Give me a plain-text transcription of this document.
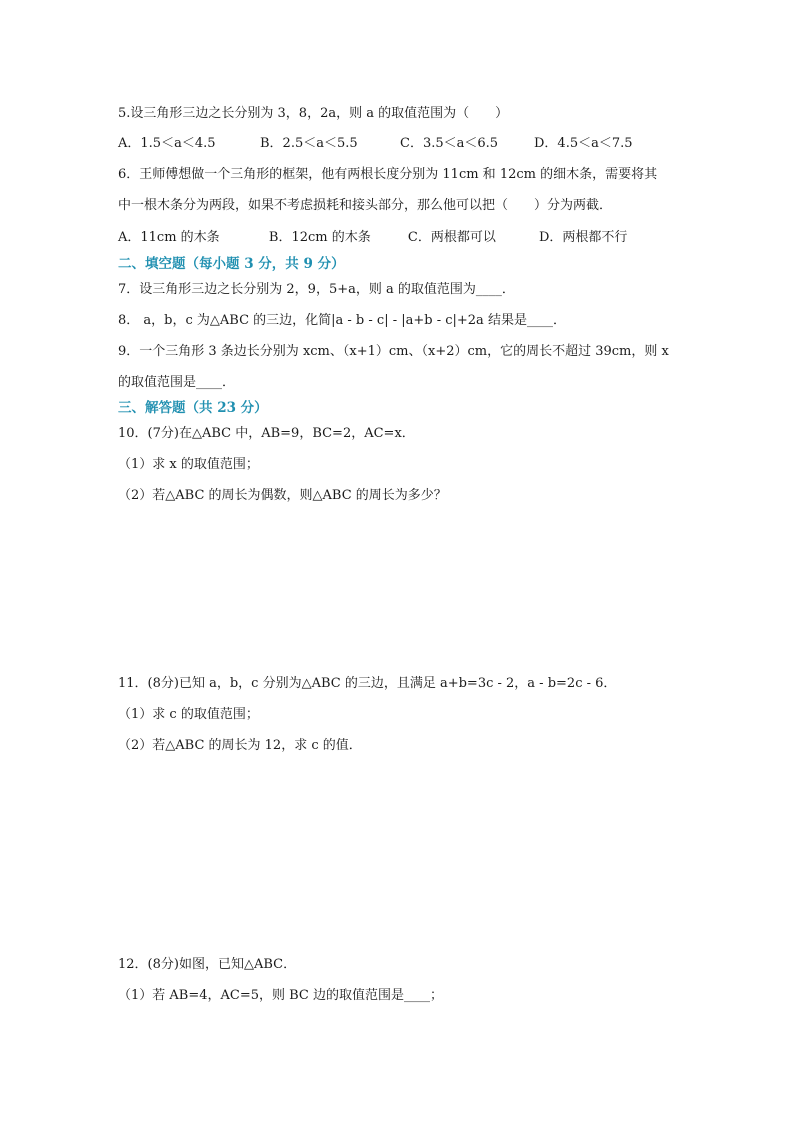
5.设三角形三边之长分别为 3，8，2a，则 a 的取值范围为（　　）
A．1.5＜a＜4.5	B．2.5＜a＜5.5	C．3.5＜a＜6.5	D．4.5＜a＜7.5
6．王师傅想做一个三角形的框架，他有两根长度分别为 11cm 和 12cm 的细木条，需要将其
中一根木条分为两段，如果不考虑损耗和接头部分，那么他可以把（　　）分为两截．
A．11cm 的木条	B．12cm 的木条	C．两根都可以	D．两根都不行
二、填空题（每小题 3 分，共 9 分）
7．设三角形三边之长分别为 2，9，5+a，则 a 的取值范围为____．
8． a，b，c 为△ABC 的三边，化简|a - b - c| - |a+b - c|+2a 结果是____．
9．一个三角形 3 条边长分别为 xcm、（x+1）cm、（x+2）cm，它的周长不超过 39cm，则 x
的取值范围是____．
三、解答题（共 23 分）
10．(7分)在△ABC 中，AB=9，BC=2，AC=x．
（1）求 x 的取值范围；
（2）若△ABC 的周长为偶数，则△ABC 的周长为多少？
11．(8分)已知 a，b，c 分别为△ABC 的三边，且满足 a+b=3c - 2，a - b=2c - 6．
（1）求 c 的取值范围；
（2）若△ABC 的周长为 12，求 c 的值．
12．(8分)如图，已知△ABC．
（1）若 AB=4，AC=5，则 BC 边的取值范围是____；
